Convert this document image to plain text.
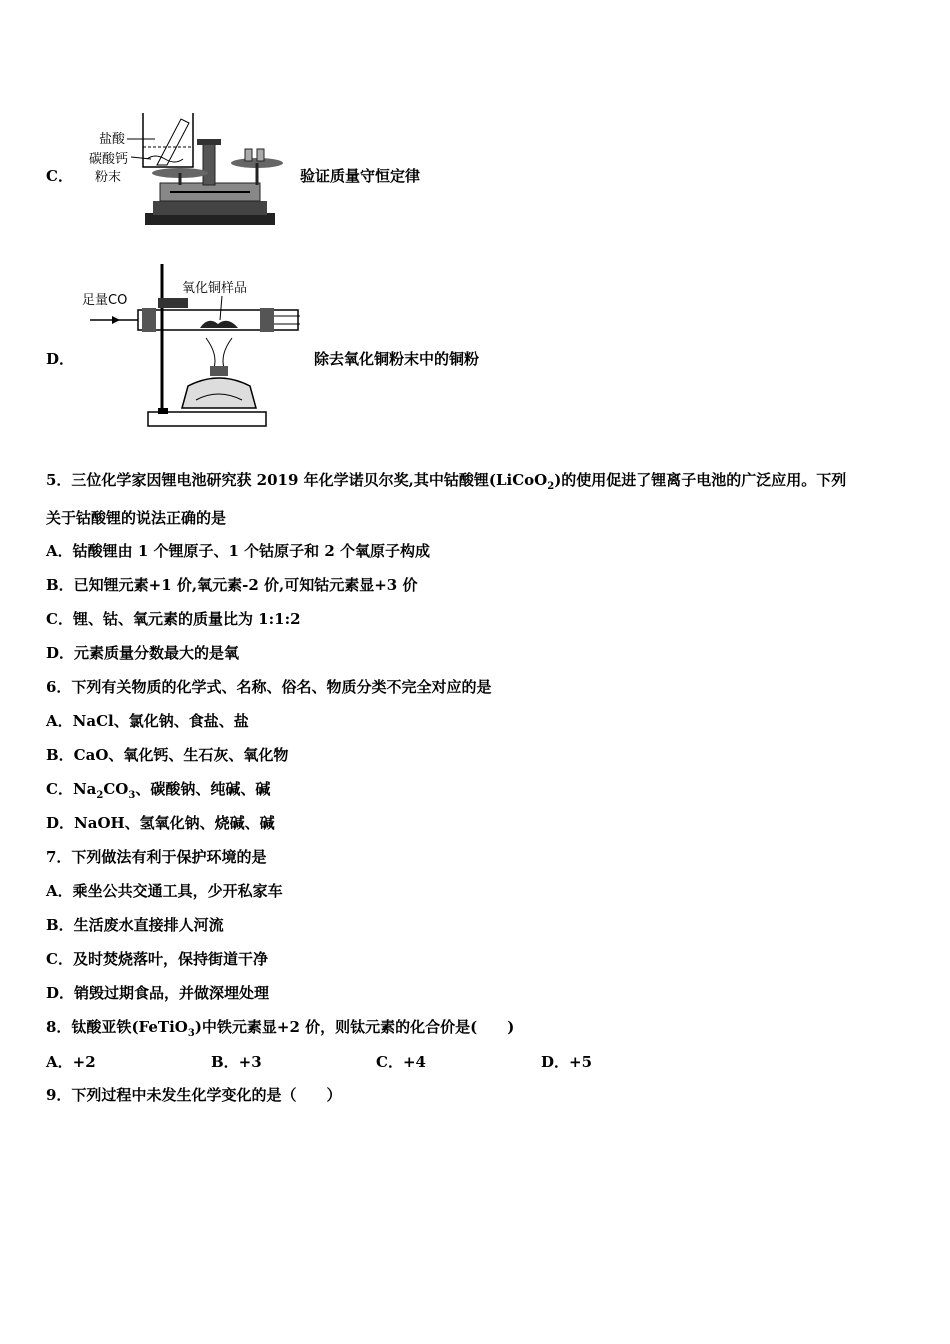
C．
盐酸
碳酸钙
粉末	验证质量守恒定律
D．
足量CO
氧化铜样品
除去氧化铜粉末中的铜粉
5．三位化学家因锂电池研究获 2019 年化学诺贝尔奖,其中钴酸锂(LiCoO$_2$)的使用促进了锂离子电池的广泛应用。下列
关于钴酸锂的说法正确的是
A．钴酸锂由 1 个锂原子、1 个钴原子和 2 个氧原子构成
B．已知锂元素+1 价,氧元素-2 价,可知钴元素显+3 价
C．锂、钴、氧元素的质量比为 1:1:2
D．元素质量分数最大的是氧
6．下列有关物质的化学式、名称、俗名、物质分类不完全对应的是
A．NaCl、氯化钠、食盐、盐
B．CaO、氧化钙、生石灰、氧化物
C．$Na_2CO_3$、碳酸钠、纯碱、碱
D．NaOH、氢氧化钠、烧碱、碱
7．下列做法有利于保护环境的是
A．乘坐公共交通工具，少开私家车
B．生活废水直接排人河流
C．及时焚烧落叶，保持街道干净
D．销毁过期食品，并做深埋处理
8．钛酸亚铁(FeTiO$_3$)中铁元素显+2 价，则钛元素的化合价是(　　)
A．+2	B．+3	C．+4	D．+5
9．下列过程中未发生化学变化的是（　　）
